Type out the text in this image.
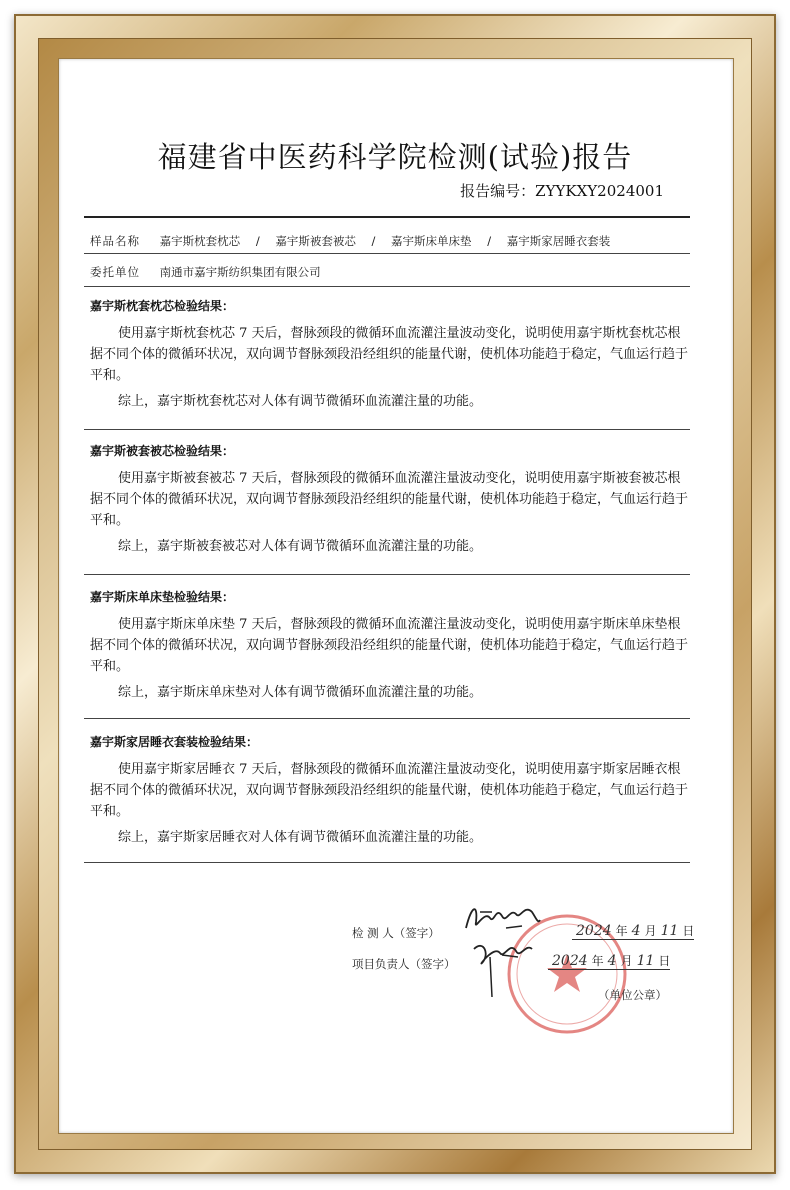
福建省中医药科学院检测(试验)报告
报告编号：ZYYKXY2024001
样品名称 嘉宇斯枕套枕芯 / 嘉宇斯被套被芯 / 嘉宇斯床单床垫 / 嘉宇斯家居睡衣套装
委托单位 南通市嘉宇斯纺织集团有限公司
嘉宇斯枕套枕芯检验结果：

使用嘉宇斯枕套枕芯 7 天后，督脉颈段的微循环血流灌注量波动变化，说明使用嘉宇斯枕套枕芯根据不同个体的微循环状况，双向调节督脉颈段沿经组织的能量代谢，使机体功能趋于稳定，气血运行趋于平和。

综上，嘉宇斯枕套枕芯对人体有调节微循环血流灌注量的功能。

嘉宇斯被套被芯检验结果：

使用嘉宇斯被套被芯 7 天后，督脉颈段的微循环血流灌注量波动变化，说明使用嘉宇斯被套被芯根据不同个体的微循环状况，双向调节督脉颈段沿经组织的能量代谢，使机体功能趋于稳定，气血运行趋于平和。

综上，嘉宇斯被套被芯对人体有调节微循环血流灌注量的功能。

嘉宇斯床单床垫检验结果：

使用嘉宇斯床单床垫 7 天后，督脉颈段的微循环血流灌注量波动变化，说明使用嘉宇斯床单床垫根据不同个体的微循环状况，双向调节督脉颈段沿经组织的能量代谢，使机体功能趋于稳定，气血运行趋于平和。

综上，嘉宇斯床单床垫对人体有调节微循环血流灌注量的功能。

嘉宇斯家居睡衣套装检验结果：

使用嘉宇斯家居睡衣 7 天后，督脉颈段的微循环血流灌注量波动变化，说明使用嘉宇斯家居睡衣根据不同个体的微循环状况，双向调节督脉颈段沿经组织的能量代谢，使机体功能趋于稳定，气血运行趋于平和。

综上，嘉宇斯家居睡衣对人体有调节微循环血流灌注量的功能。

检 测 人（签字）
项目负责人（签字）
2024 年 4 月 11 日
2024 年 4 月 11 日
（单位公章）
